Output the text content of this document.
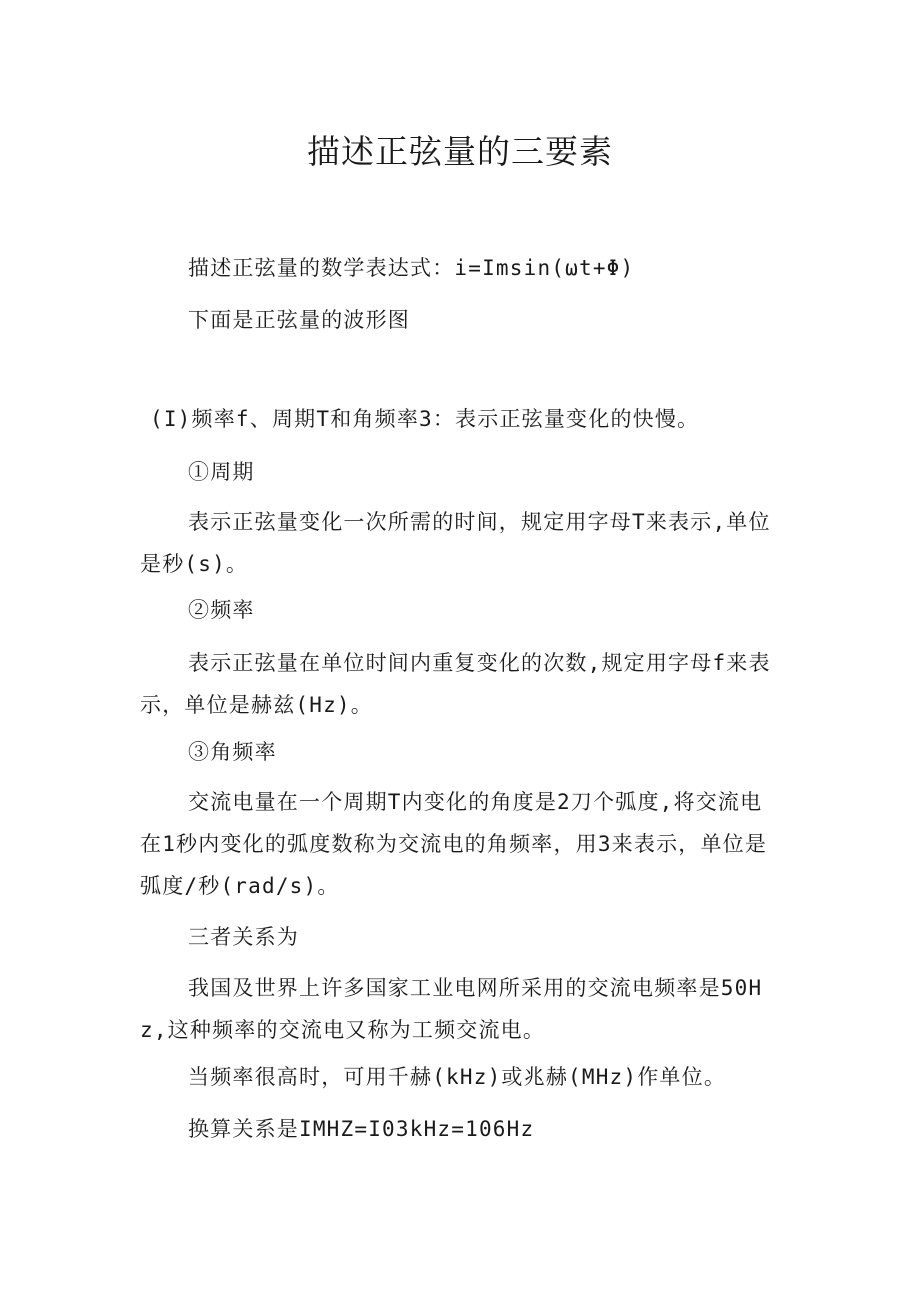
描述正弦量的三要素

描述正弦量的数学表达式：i=Imsin(ωt+Φ)

下面是正弦量的波形图

(I)频率f、周期T和角频率3：表示正弦量变化的快慢。

①周期

表示正弦量变化一次所需的时间，规定用字母T来表示,单位是秒(s)。

②频率

表示正弦量在单位时间内重复变化的次数,规定用字母f来表示，单位是赫兹(Hz)。

③角频率

交流电量在一个周期T内变化的角度是2刀个弧度,将交流电在1秒内变化的弧度数称为交流电的角频率，用3来表示，单位是弧度/秒(rad/s)。

三者关系为

我国及世界上许多国家工业电网所采用的交流电频率是50Hz,这种频率的交流电又称为工频交流电。

当频率很高时，可用千赫(kHz)或兆赫(MHz)作单位。

换算关系是IMHZ=I03kHz=106Hz
